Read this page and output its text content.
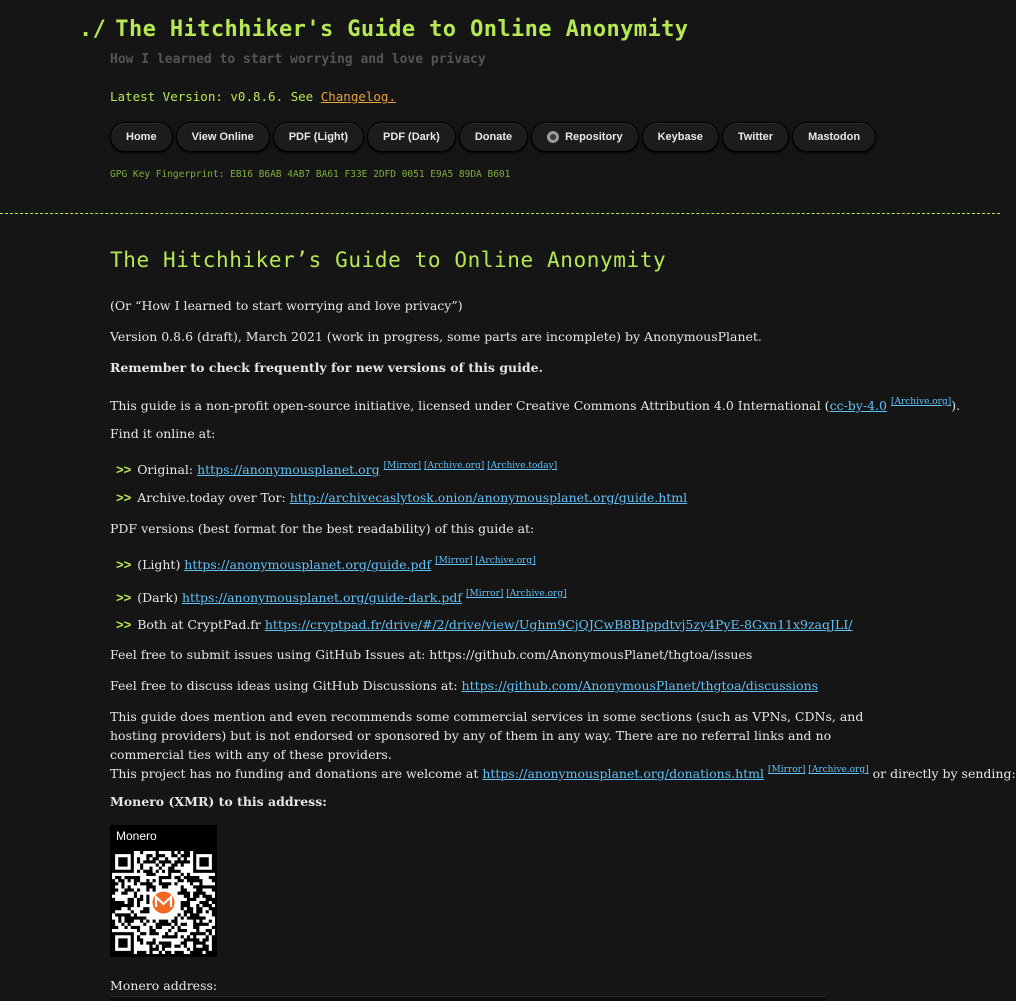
./ The Hitchhiker's Guide to Online Anonymity
How I learned to start worrying and love privacy
Latest Version: v0.8.6. See Changelog.
Home	View Online	PDF (Light)	PDF (Dark)	Donate	Repository	Keybase	Twitter	Mastodon
GPG Key Fingerprint: EB16 B6AB 4AB7 BA61 F33E 2DFD 0051 E9A5 89DA B601
The Hitchhiker’s Guide to Online Anonymity

(Or “How I learned to start worrying and love privacy”)

Version 0.8.6 (draft), March 2021 (work in progress, some parts are incomplete) by AnonymousPlanet.

Remember to check frequently for new versions of this guide.

This guide is a non-profit open-source initiative, licensed under Creative Commons Attribution 4.0 International (cc-by-4.0 [Archive.org]).

Find it online at:

>> Original: https://anonymousplanet.org [Mirror] [Archive.org] [Archive.today]
>> Archive.today over Tor: http://archivecaslytosk.onion/anonymousplanet.org/guide.html

PDF versions (best format for the best readability) of this guide at:

>> (Light) https://anonymousplanet.org/guide.pdf [Mirror] [Archive.org]
>> (Dark) https://anonymousplanet.org/guide-dark.pdf [Mirror] [Archive.org]
>> Both at CryptPad.fr https://cryptpad.fr/drive/#/2/drive/view/Ughm9CjQJCwB8BIppdtvj5zy4PyE-8Gxn11x9zaqJLI/

Feel free to submit issues using GitHub Issues at: https://github.com/AnonymousPlanet/thgtoa/issues

Feel free to discuss ideas using GitHub Discussions at: https://github.com/AnonymousPlanet/thgtoa/discussions

This guide does mention and even recommends some commercial services in some sections (such as VPNs, CDNs, and hosting providers) but is not endorsed or sponsored by any of them in any way. There are no referral links and no commercial ties with any of these providers.

This project has no funding and donations are welcome at https://anonymousplanet.org/donations.html [Mirror] [Archive.org] or directly by sending:

Monero (XMR) to this address:

Monero

Monero address:
